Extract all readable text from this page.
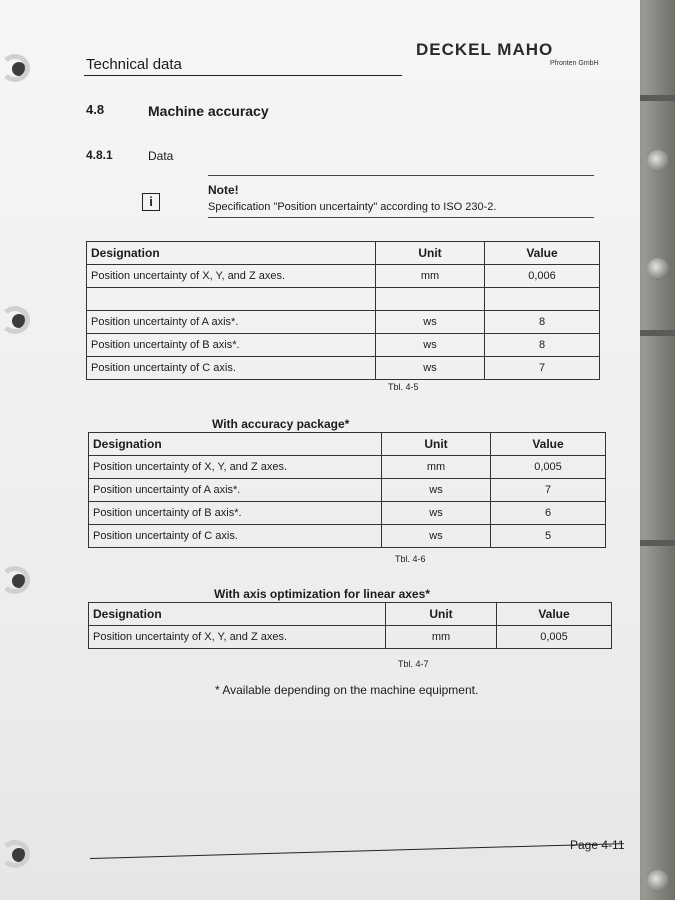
Technical data
DECKEL MAHO
Pfronten GmbH
4.8	Machine accuracy
4.8.1	Data
i
Note!
Specification "Position uncertainty" according to ISO 230-2.
Designation	Unit	Value
Position uncertainty of X, Y, and Z axes.	mm	0,006

Position uncertainty of A axis*.	ws	8
Position uncertainty of B axis*.	ws	8
Position uncertainty of C axis.	ws	7
Tbl. 4-5
With accuracy package*
Designation	Unit	Value
Position uncertainty of X, Y, and Z axes.	mm	0,005
Position uncertainty of A axis*.	ws	7
Position uncertainty of B axis*.	ws	6
Position uncertainty of C axis.	ws	5
Tbl. 4-6
With axis optimization for linear axes*
Designation	Unit	Value
Position uncertainty of X, Y, and Z axes.	mm	0,005
Tbl. 4-7
* Available depending on the machine equipment.
Page 4-11
